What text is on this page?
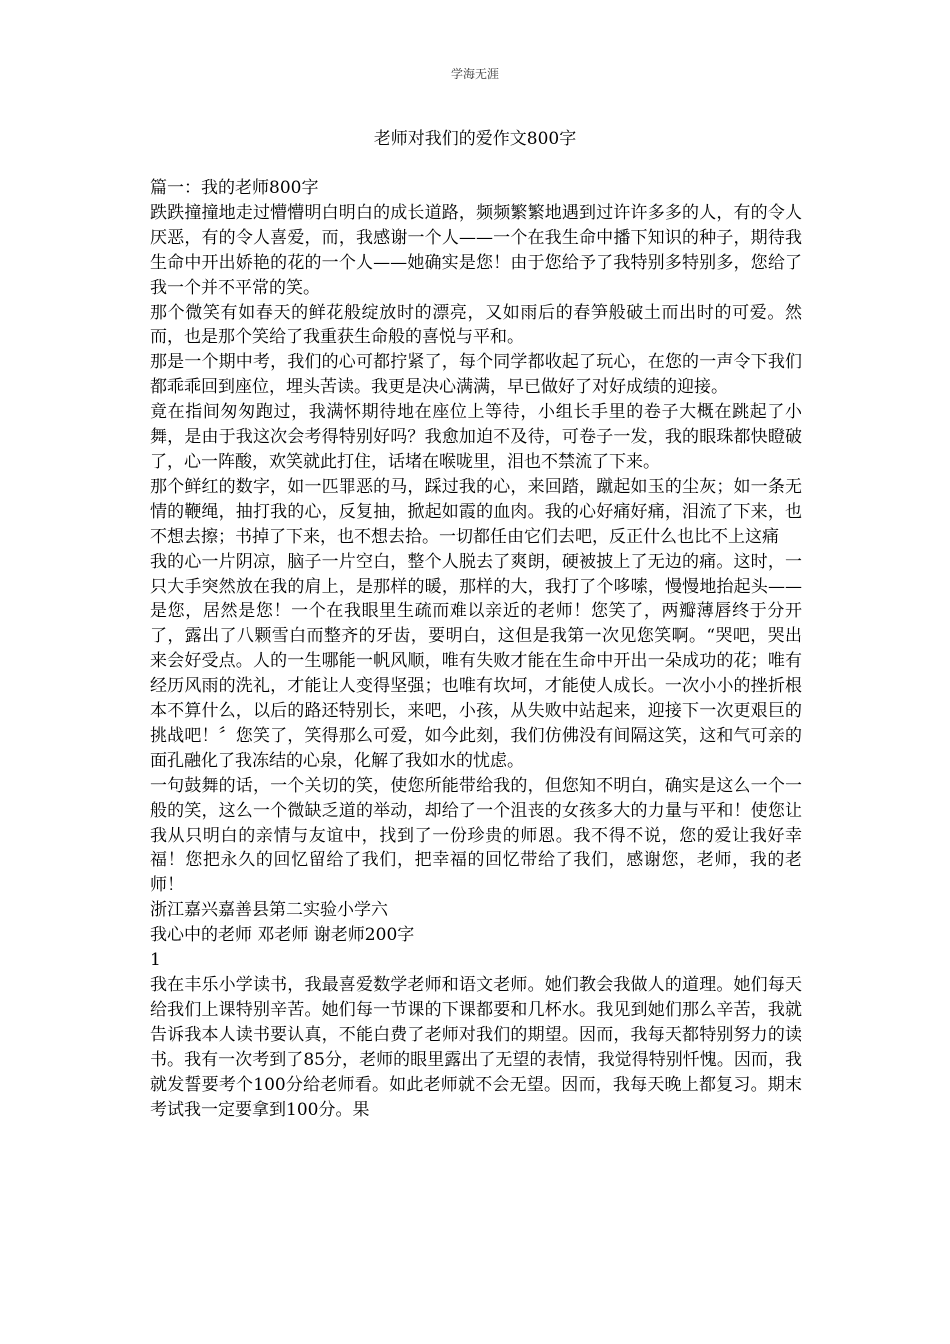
学海无涯
老师对我们的爱作文800字

篇一：我的老师800字

跌跌撞撞地走过懵懵明白明白的成长道路，频频繁繁地遇到过许许多多的人，有的令人厌恶，有的令人喜爱，而，我感谢一个人——一个在我生命中播下知识的种子，期待我生命中开出娇艳的花的一个人——她确实是您！由于您给予了我特别多特别多，您给了我一个并不平常的笑。

那个微笑有如春天的鲜花般绽放时的漂亮，又如雨后的春笋般破土而出时的可爱。然而，也是那个笑给了我重获生命般的喜悦与平和。

那是一个期中考，我们的心可都拧紧了，每个同学都收起了玩心，在您的一声令下我们都乖乖回到座位，埋头苦读。我更是决心满满，早已做好了对好成绩的迎接。

竟在指间匆匆跑过，我满怀期待地在座位上等待，小组长手里的卷子大概在跳起了小舞，是由于我这次会考得特别好吗？我愈加迫不及待，可卷子一发，我的眼珠都快瞪破了，心一阵酸，欢笑就此打住，话堵在喉咙里，泪也不禁流了下来。

那个鲜红的数字，如一匹罪恶的马，踩过我的心，来回踏，蹴起如玉的尘灰；如一条无情的鞭绳，抽打我的心，反复抽，掀起如霞的血肉。我的心好痛好痛，泪流了下来，也不想去擦；书掉了下来，也不想去拾。一切都任由它们去吧，反正什么也比不上这痛

我的心一片阴凉，脑子一片空白，整个人脱去了爽朗，硬被披上了无边的痛。这时，一只大手突然放在我的肩上，是那样的暖，那样的大，我打了个哆嗦，慢慢地抬起头——是您，居然是您！一个在我眼里生疏而难以亲近的老师！您笑了，两瓣薄唇终于分开了，露出了八颗雪白而整齐的牙齿，要明白，这但是我第一次见您笑啊。“哭吧，哭出来会好受点。人的一生哪能一帆风顺，唯有失败才能在生命中开出一朵成功的花；唯有经历风雨的洗礼，才能让人变得坚强；也唯有坎坷，才能使人成长。一次小小的挫折根本不算什么，以后的路还特别长，来吧，小孩，从失败中站起来，迎接下一次更艰巨的挑战吧！〞您笑了，笑得那么可爱，如今此刻，我们仿佛没有间隔这笑，这和气可亲的面孔融化了我冻结的心泉，化解了我如水的忧虑。

一句鼓舞的话，一个关切的笑，使您所能带给我的，但您知不明白，确实是这么一个一般的笑，这么一个微缺乏道的举动，却给了一个沮丧的女孩多大的力量与平和！使您让我从只明白的亲情与友谊中，找到了一份珍贵的师恩。我不得不说，您的爱让我好幸福！您把永久的回忆留给了我们，把幸福的回忆带给了我们，感谢您，老师，我的老师！

浙江嘉兴嘉善县第二实验小学六

我心中的老师 邓老师 谢老师200字

1

我在丰乐小学读书，我最喜爱数学老师和语文老师。她们教会我做人的道理。她们每天给我们上课特别辛苦。她们每一节课的下课都要和几杯水。我见到她们那么辛苦，我就告诉我本人读书要认真，不能白费了老师对我们的期望。因而，我每天都特别努力的读书。我有一次考到了85分，老师的眼里露出了无望的表情，我觉得特别忏愧。因而，我就发誓要考个100分给老师看。如此老师就不会无望。因而，我每天晚上都复习。期末考试我一定要拿到100分。果
